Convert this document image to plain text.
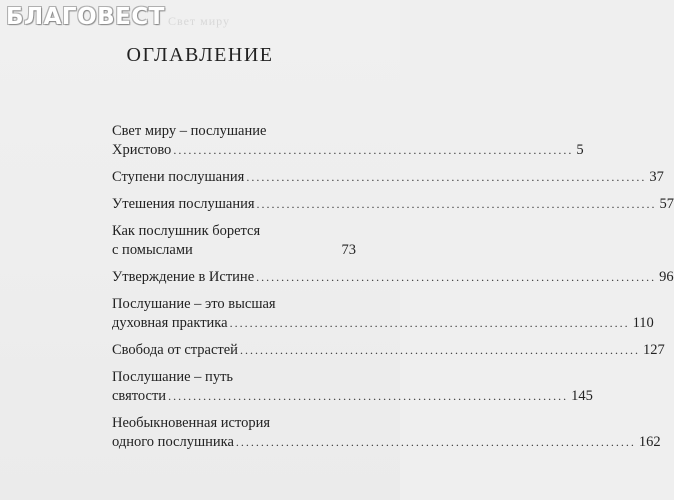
БЛАГОВЕСТ Свет миру
ОГЛАВЛЕНИЕ
Свет миру – послушание
Христово ................................................................................ 5
Ступени послушания ................................................................................ 37
Утешения послушания ................................................................................ 57
Как послушник борется
с помыслами	73
Утверждение в Истине ................................................................................ 96
Послушание – это высшая
духовная практика ................................................................................ 110
Свобода от страстей ................................................................................ 127
Послушание – путь
святости ................................................................................ 145
Необыкновенная история
одного послушника ................................................................................ 162
